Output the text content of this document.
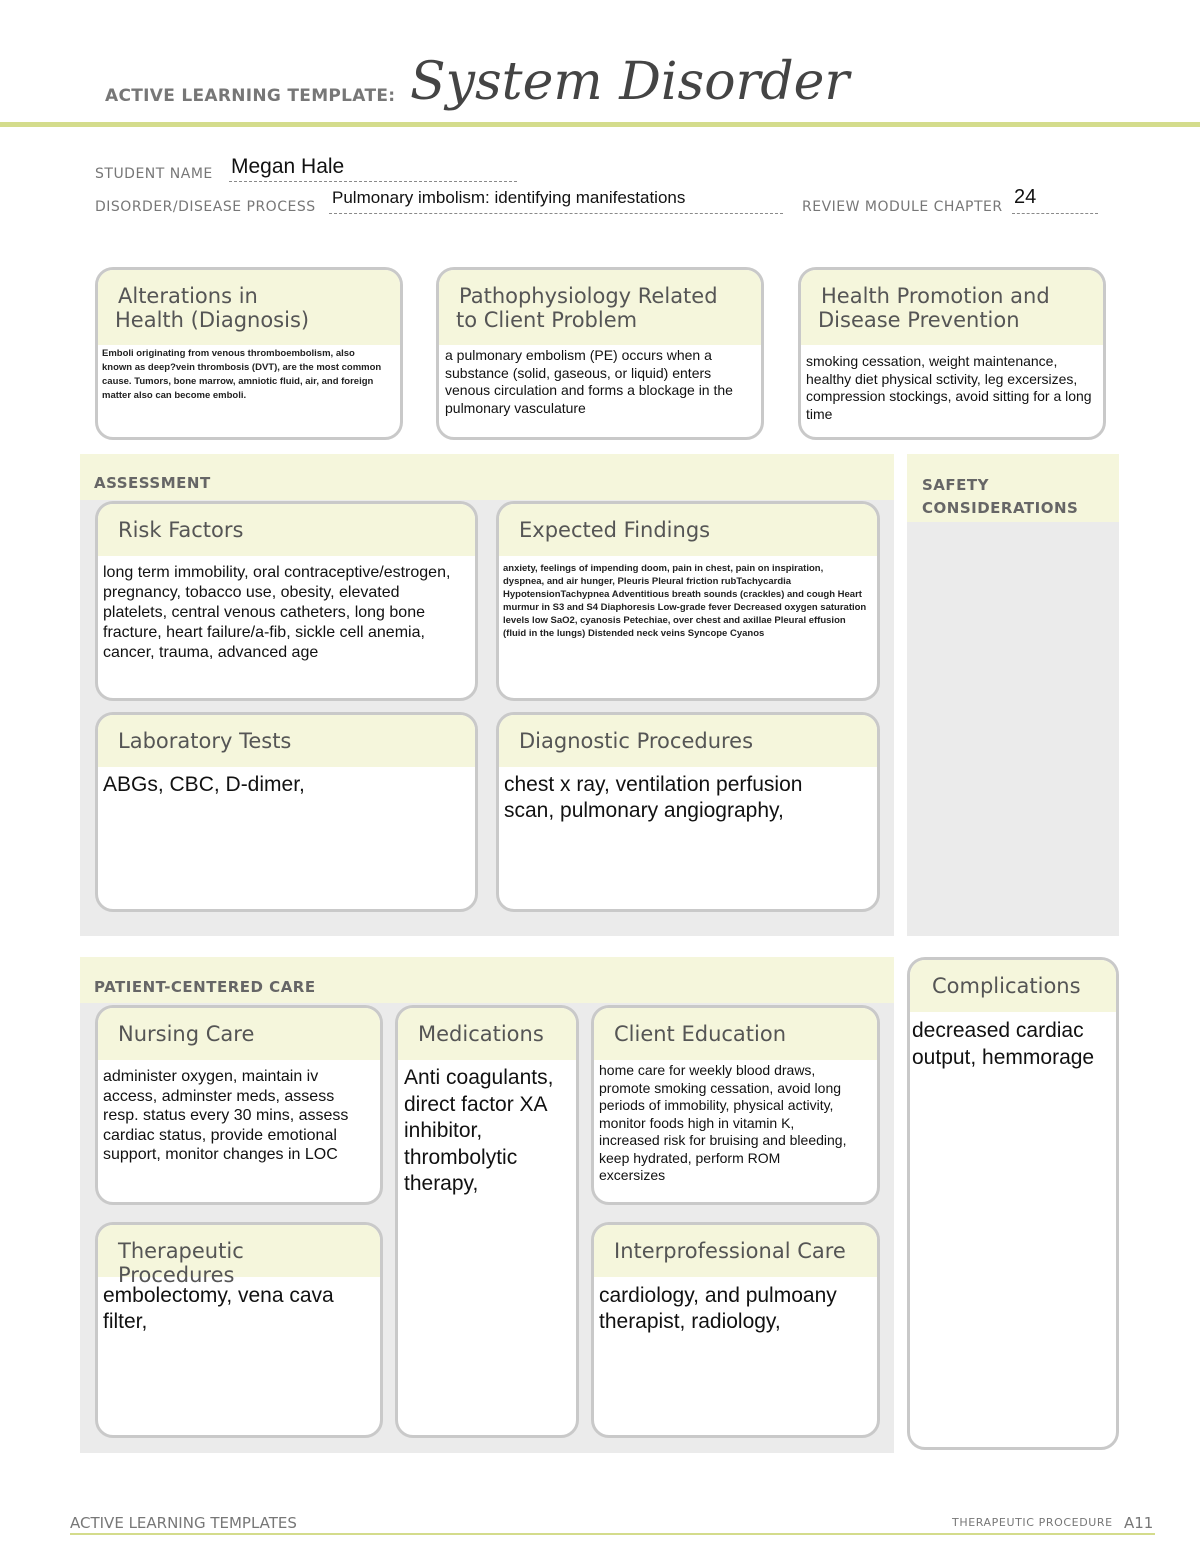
ACTIVE LEARNING TEMPLATE: System Disorder
STUDENT NAME Megan Hale
DISORDER/DISEASE PROCESS Pulmonary imbolism: identifying manifestations	REVIEW MODULE CHAPTER 24
Alterations in
Health (Diagnosis)
Emboli originating from venous thromboembolism, also known as deep?vein thrombosis (DVT), are the most common cause. Tumors, bone marrow, amniotic fluid, air, and foreign matter also can become emboli.
Pathophysiology Related
to Client Problem
a pulmonary embolism (PE) occurs when a substance (solid, gaseous, or liquid) enters venous circulation and forms a blockage in the pulmonary vasculature
Health Promotion and
Disease Prevention
smoking cessation, weight maintenance, healthy diet physical sctivity, leg excersizes, compression stockings, avoid sitting for a long time
ASSESSMENT
Risk Factors
long term immobility, oral contraceptive/estrogen, pregnancy, tobacco use, obesity, elevated platelets, central venous catheters, long bone fracture, heart failure/a-fib, sickle cell anemia, cancer, trauma, advanced age
Expected Findings
anxiety, feelings of impending doom, pain in chest, pain on inspiration, dyspnea, and air hunger, Pleuris Pleural friction rubTachycardia HypotensionTachypnea Adventitious breath sounds (crackles) and cough Heart murmur in S3 and S4 Diaphoresis Low-grade fever Decreased oxygen saturation levels low SaO2, cyanosis Petechiae, over chest and axillae Pleural effusion (fluid in the lungs) Distended neck veins Syncope Cyanos
Laboratory Tests
ABGs, CBC, D-dimer,
Diagnostic Procedures
chest x ray, ventilation perfusion scan, pulmonary angiography,
SAFETY
CONSIDERATIONS
PATIENT-CENTERED CARE
Nursing Care
administer oxygen, maintain iv access, adminster meds, assess resp. status every 30 mins, assess cardiac status, provide emotional support, monitor changes in LOC
Medications
Anti coagulants, direct factor XA inhibitor, thrombolytic therapy,
Client Education
home care for weekly blood draws, promote smoking cessation, avoid long periods of immobility, physical activity, monitor foods high in vitamin K, increased risk for bruising and bleeding, keep hydrated, perform ROM excersizes
Therapeutic Procedures
embolectomy, vena cava filter,
Interprofessional Care
cardiology, and pulmoany therapist, radiology,
Complications
decreased cardiac output, hemmorage
ACTIVE LEARNING TEMPLATES	THERAPEUTIC PROCEDURE A11
